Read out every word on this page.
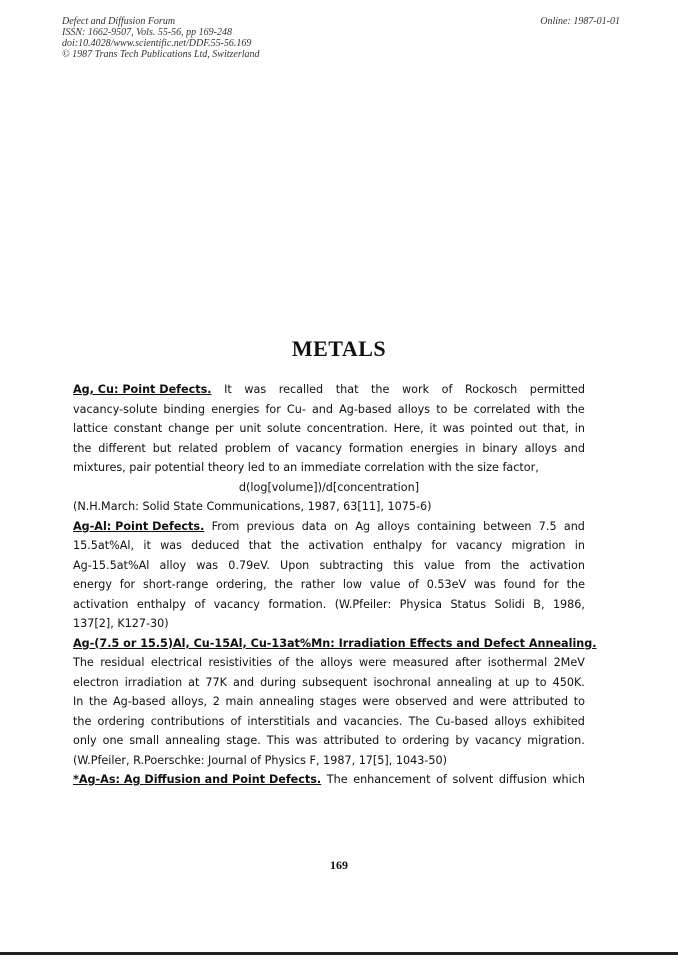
Defect and Diffusion Forum
ISSN: 1662-9507, Vols. 55-56, pp 169-248
doi:10.4028/www.scientific.net/DDF.55-56.169
© 1987 Trans Tech Publications Ltd, Switzerland
Online: 1987-01-01
METALS
Ag, Cu: Point Defects. It was recalled that the work of Rockosch permitted
vacancy-solute binding energies for Cu- and Ag-based alloys to be correlated with the
lattice constant change per unit solute concentration. Here, it was pointed out that, in
the different but related problem of vacancy formation energies in binary alloys and
mixtures, pair potential theory led to an immediate correlation with the size factor,
d(log[volume])/d[concentration]
(N.H.March: Solid State Communications, 1987, 63[11], 1075-6)
Ag-Al: Point Defects. From previous data on Ag alloys containing between 7.5 and
15.5at%Al, it was deduced that the activation enthalpy for vacancy migration in
Ag-15.5at%Al alloy was 0.79eV. Upon subtracting this value from the activation
energy for short-range ordering, the rather low value of 0.53eV was found for the
activation enthalpy of vacancy formation. (W.Pfeiler: Physica Status Solidi B, 1986,
137[2], K127-30)
Ag-(7.5 or 15.5)Al, Cu-15Al, Cu-13at%Mn: Irradiation Effects and Defect Annealing.
The residual electrical resistivities of the alloys were measured after isothermal 2MeV
electron irradiation at 77K and during subsequent isochronal annealing at up to 450K.
In the Ag-based alloys, 2 main annealing stages were observed and were attributed to
the ordering contributions of interstitials and vacancies. The Cu-based alloys exhibited
only one small annealing stage. This was attributed to ordering by vacancy migration.
(W.Pfeiler, R.Poerschke: Journal of Physics F, 1987, 17[5], 1043-50)
*Ag-As: Ag Diffusion and Point Defects. The enhancement of solvent diffusion which
169
